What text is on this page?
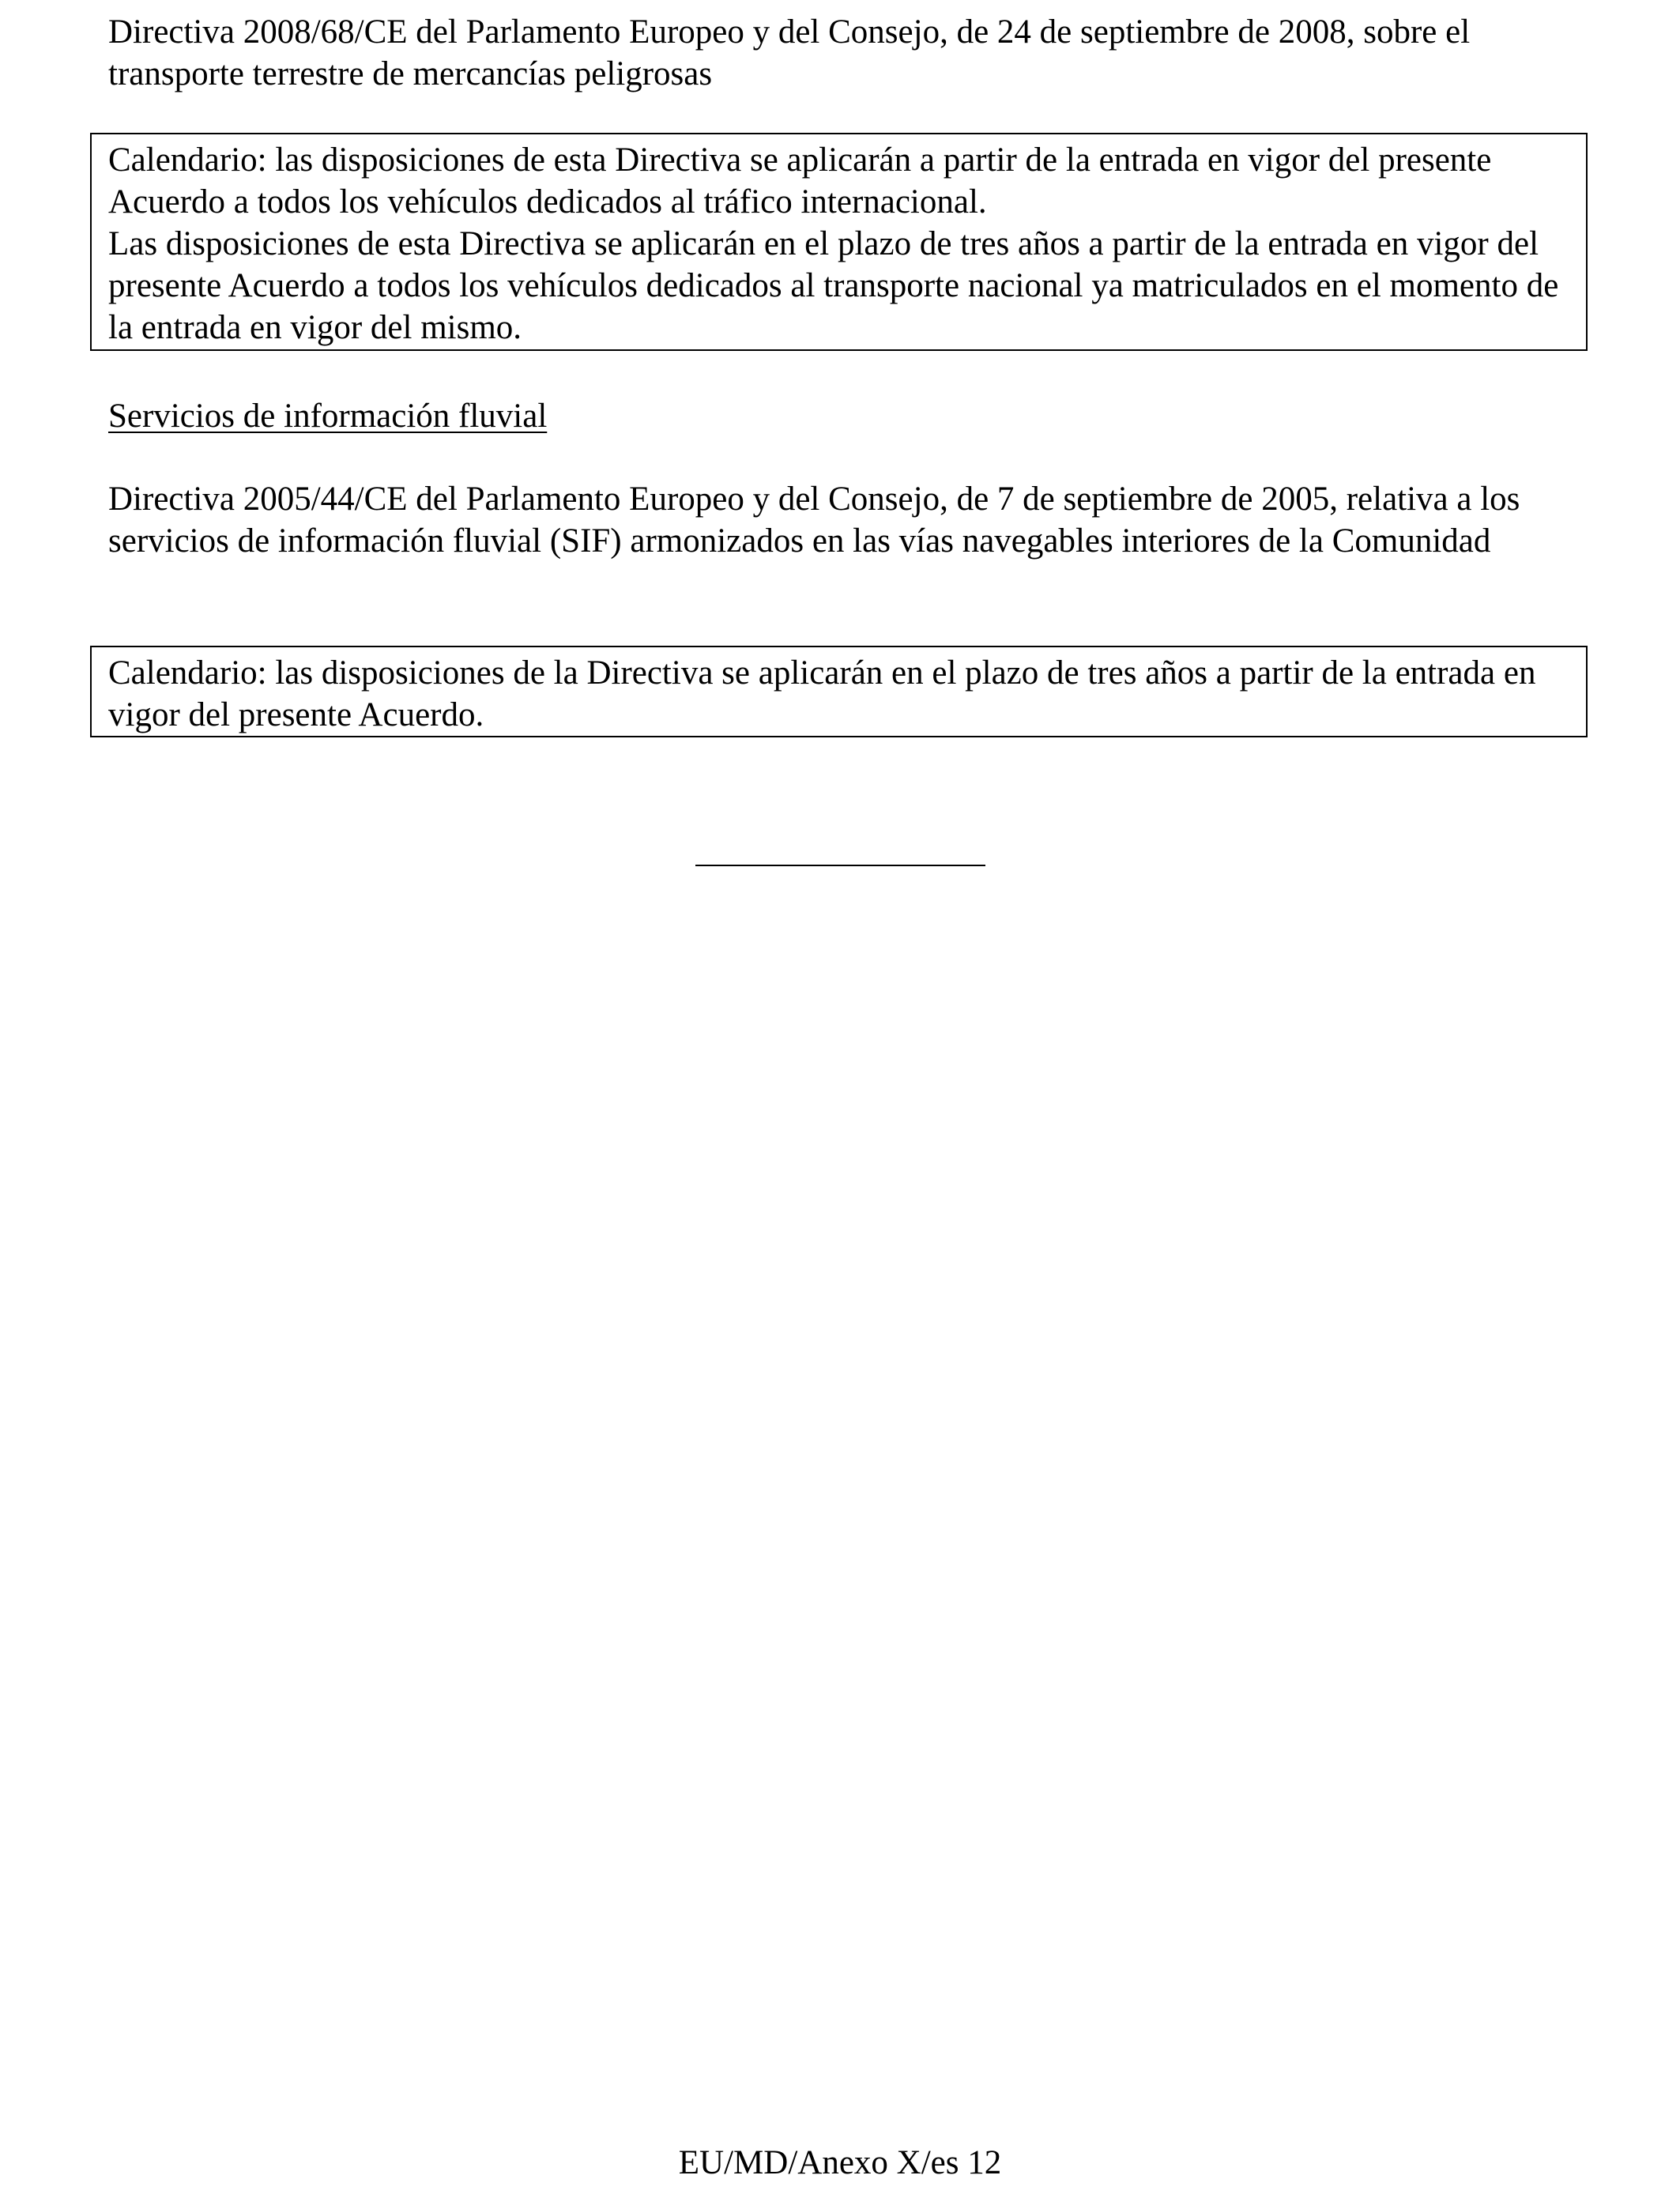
Directiva 2008/68/CE del Parlamento Europeo y del Consejo, de 24 de septiembre de 2008, sobre el transporte terrestre de mercancías peligrosas

Calendario: las disposiciones de esta Directiva se aplicarán a partir de la entrada en vigor del presente Acuerdo a todos los vehículos dedicados al tráfico internacional.

Las disposiciones de esta Directiva se aplicarán en el plazo de tres años a partir de la entrada en vigor del presente Acuerdo a todos los vehículos dedicados al transporte nacional ya matriculados en el momento de la entrada en vigor del mismo.

Servicios de información fluvial

Directiva 2005/44/CE del Parlamento Europeo y del Consejo, de 7 de septiembre de 2005, relativa a los servicios de información fluvial (SIF) armonizados en las vías navegables interiores de la Comunidad

Calendario: las disposiciones de la Directiva se aplicarán en el plazo de tres años a partir de la entrada en vigor del presente Acuerdo.

EU/MD/Anexo X/es 12
